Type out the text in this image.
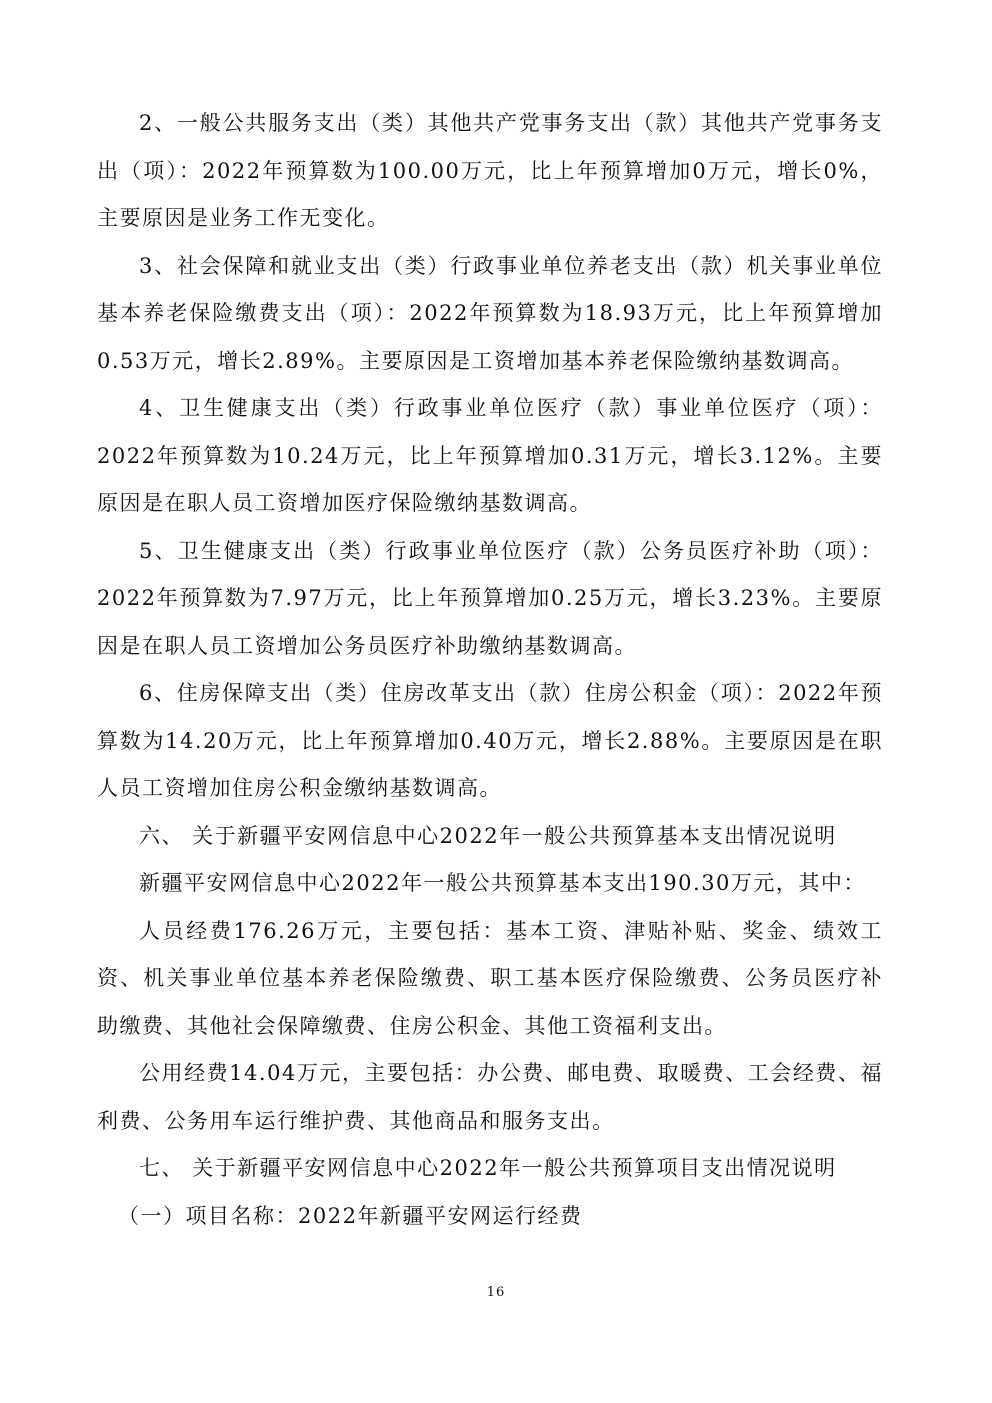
2、一般公共服务支出（类）其他共产党事务支出（款）其他共产党事务支出（项）：2022年预算数为100.00万元，比上年预算增加0万元，增长0%，主要原因是业务工作无变化。

3、社会保障和就业支出（类）行政事业单位养老支出（款）机关事业单位基本养老保险缴费支出（项）：2022年预算数为18.93万元，比上年预算增加0.53万元，增长2.89%。主要原因是工资增加基本养老保险缴纳基数调高。

4、卫生健康支出（类）行政事业单位医疗（款）事业单位医疗（项）：2022年预算数为10.24万元，比上年预算增加0.31万元，增长3.12%。主要原因是在职人员工资增加医疗保险缴纳基数调高。

5、卫生健康支出（类）行政事业单位医疗（款）公务员医疗补助（项）：2022年预算数为7.97万元，比上年预算增加0.25万元，增长3.23%。主要原因是在职人员工资增加公务员医疗补助缴纳基数调高。

6、住房保障支出（类）住房改革支出（款）住房公积金（项）：2022年预算数为14.20万元，比上年预算增加0.40万元，增长2.88%。主要原因是在职人员工资增加住房公积金缴纳基数调高。

六、 关于新疆平安网信息中心2022年一般公共预算基本支出情况说明

新疆平安网信息中心2022年一般公共预算基本支出190.30万元，其中：

人员经费176.26万元，主要包括：基本工资、津贴补贴、奖金、绩效工资、机关事业单位基本养老保险缴费、职工基本医疗保险缴费、公务员医疗补助缴费、其他社会保障缴费、住房公积金、其他工资福利支出。

公用经费14.04万元，主要包括：办公费、邮电费、取暖费、工会经费、福利费、公务用车运行维护费、其他商品和服务支出。

七、 关于新疆平安网信息中心2022年一般公共预算项目支出情况说明

（一）项目名称：2022年新疆平安网运行经费

16
